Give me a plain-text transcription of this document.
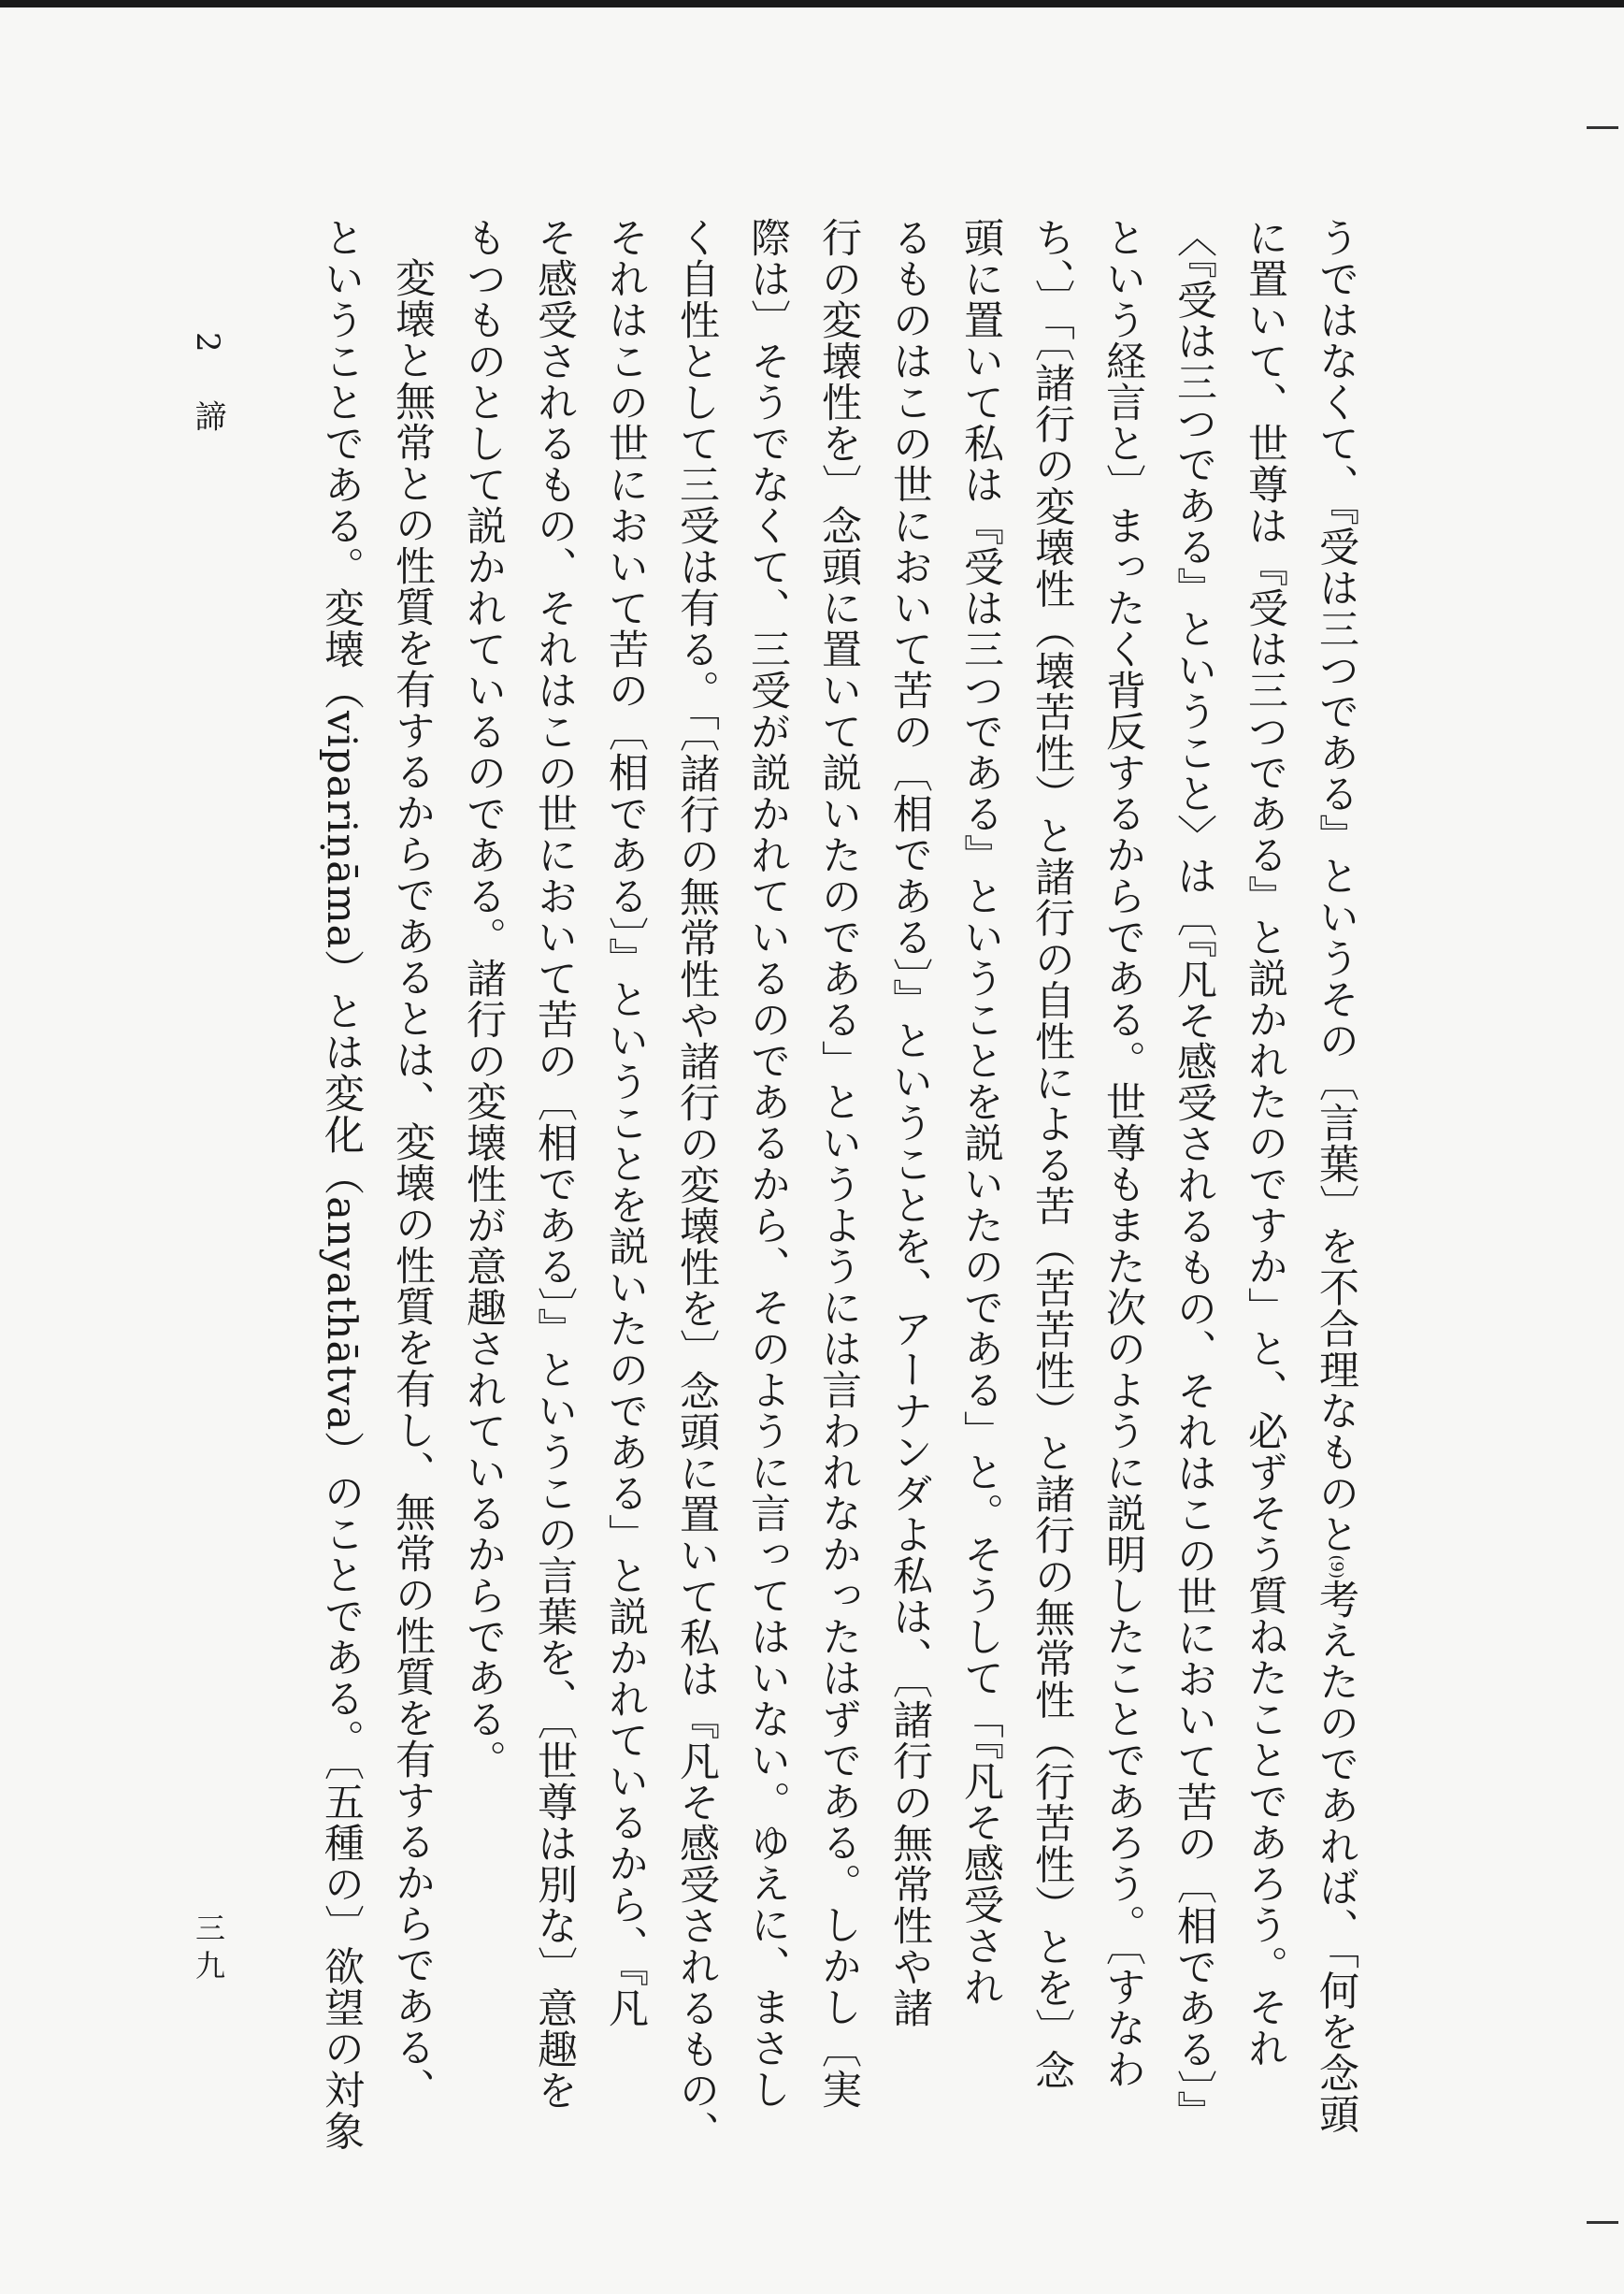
うではなくて、『受は三つである』というその〔言葉〕を不合理なものと(9)考えたのであれば、「何を念頭
に置いて、世尊は『受は三つである』と説かれたのですか」と、必ずそう質ねたことであろう。それ
〈『受は三つである』ということ〉は〔『凡そ感受されるもの、それはこの世において苦の〔相である〕』
という経言と〕まったく背反するからである。世尊もまた次のように説明したことであろう。〔すなわ
ち、〕「〔諸行の変壊性（壊苦性）と諸行の自性による苦（苦苦性）と諸行の無常性（行苦性）とを〕念
頭に置いて私は『受は三つである』ということを説いたのである」と。そうして「『凡そ感受され
るものはこの世において苦の〔相である〕』ということを、アーナンダよ私は、〔諸行の無常性や諸
行の変壊性を〕念頭に置いて説いたのである」というようには言われなかったはずである。しかし〔実
際は〕そうでなくて、三受が説かれているのであるから、そのように言ってはいない。ゆえに、まさし
く自性として三受は有る。「〔諸行の無常性や諸行の変壊性を〕念頭に置いて私は『凡そ感受されるもの、
それはこの世において苦の〔相である〕』ということを説いたのである」と説かれているから、『凡
そ感受されるもの、それはこの世において苦の〔相である〕』というこの言葉を、〔世尊は別な〕意趣を
もつものとして説かれているのである。諸行の変壊性が意趣されているからである。
変壊と無常との性質を有するからであるとは、変壊の性質を有し、無常の性質を有するからである、
ということである。変壊（vipariṇāma）とは変化（anyathātva）のことである。〔五種の〕欲望の対象
2 諦
三九
